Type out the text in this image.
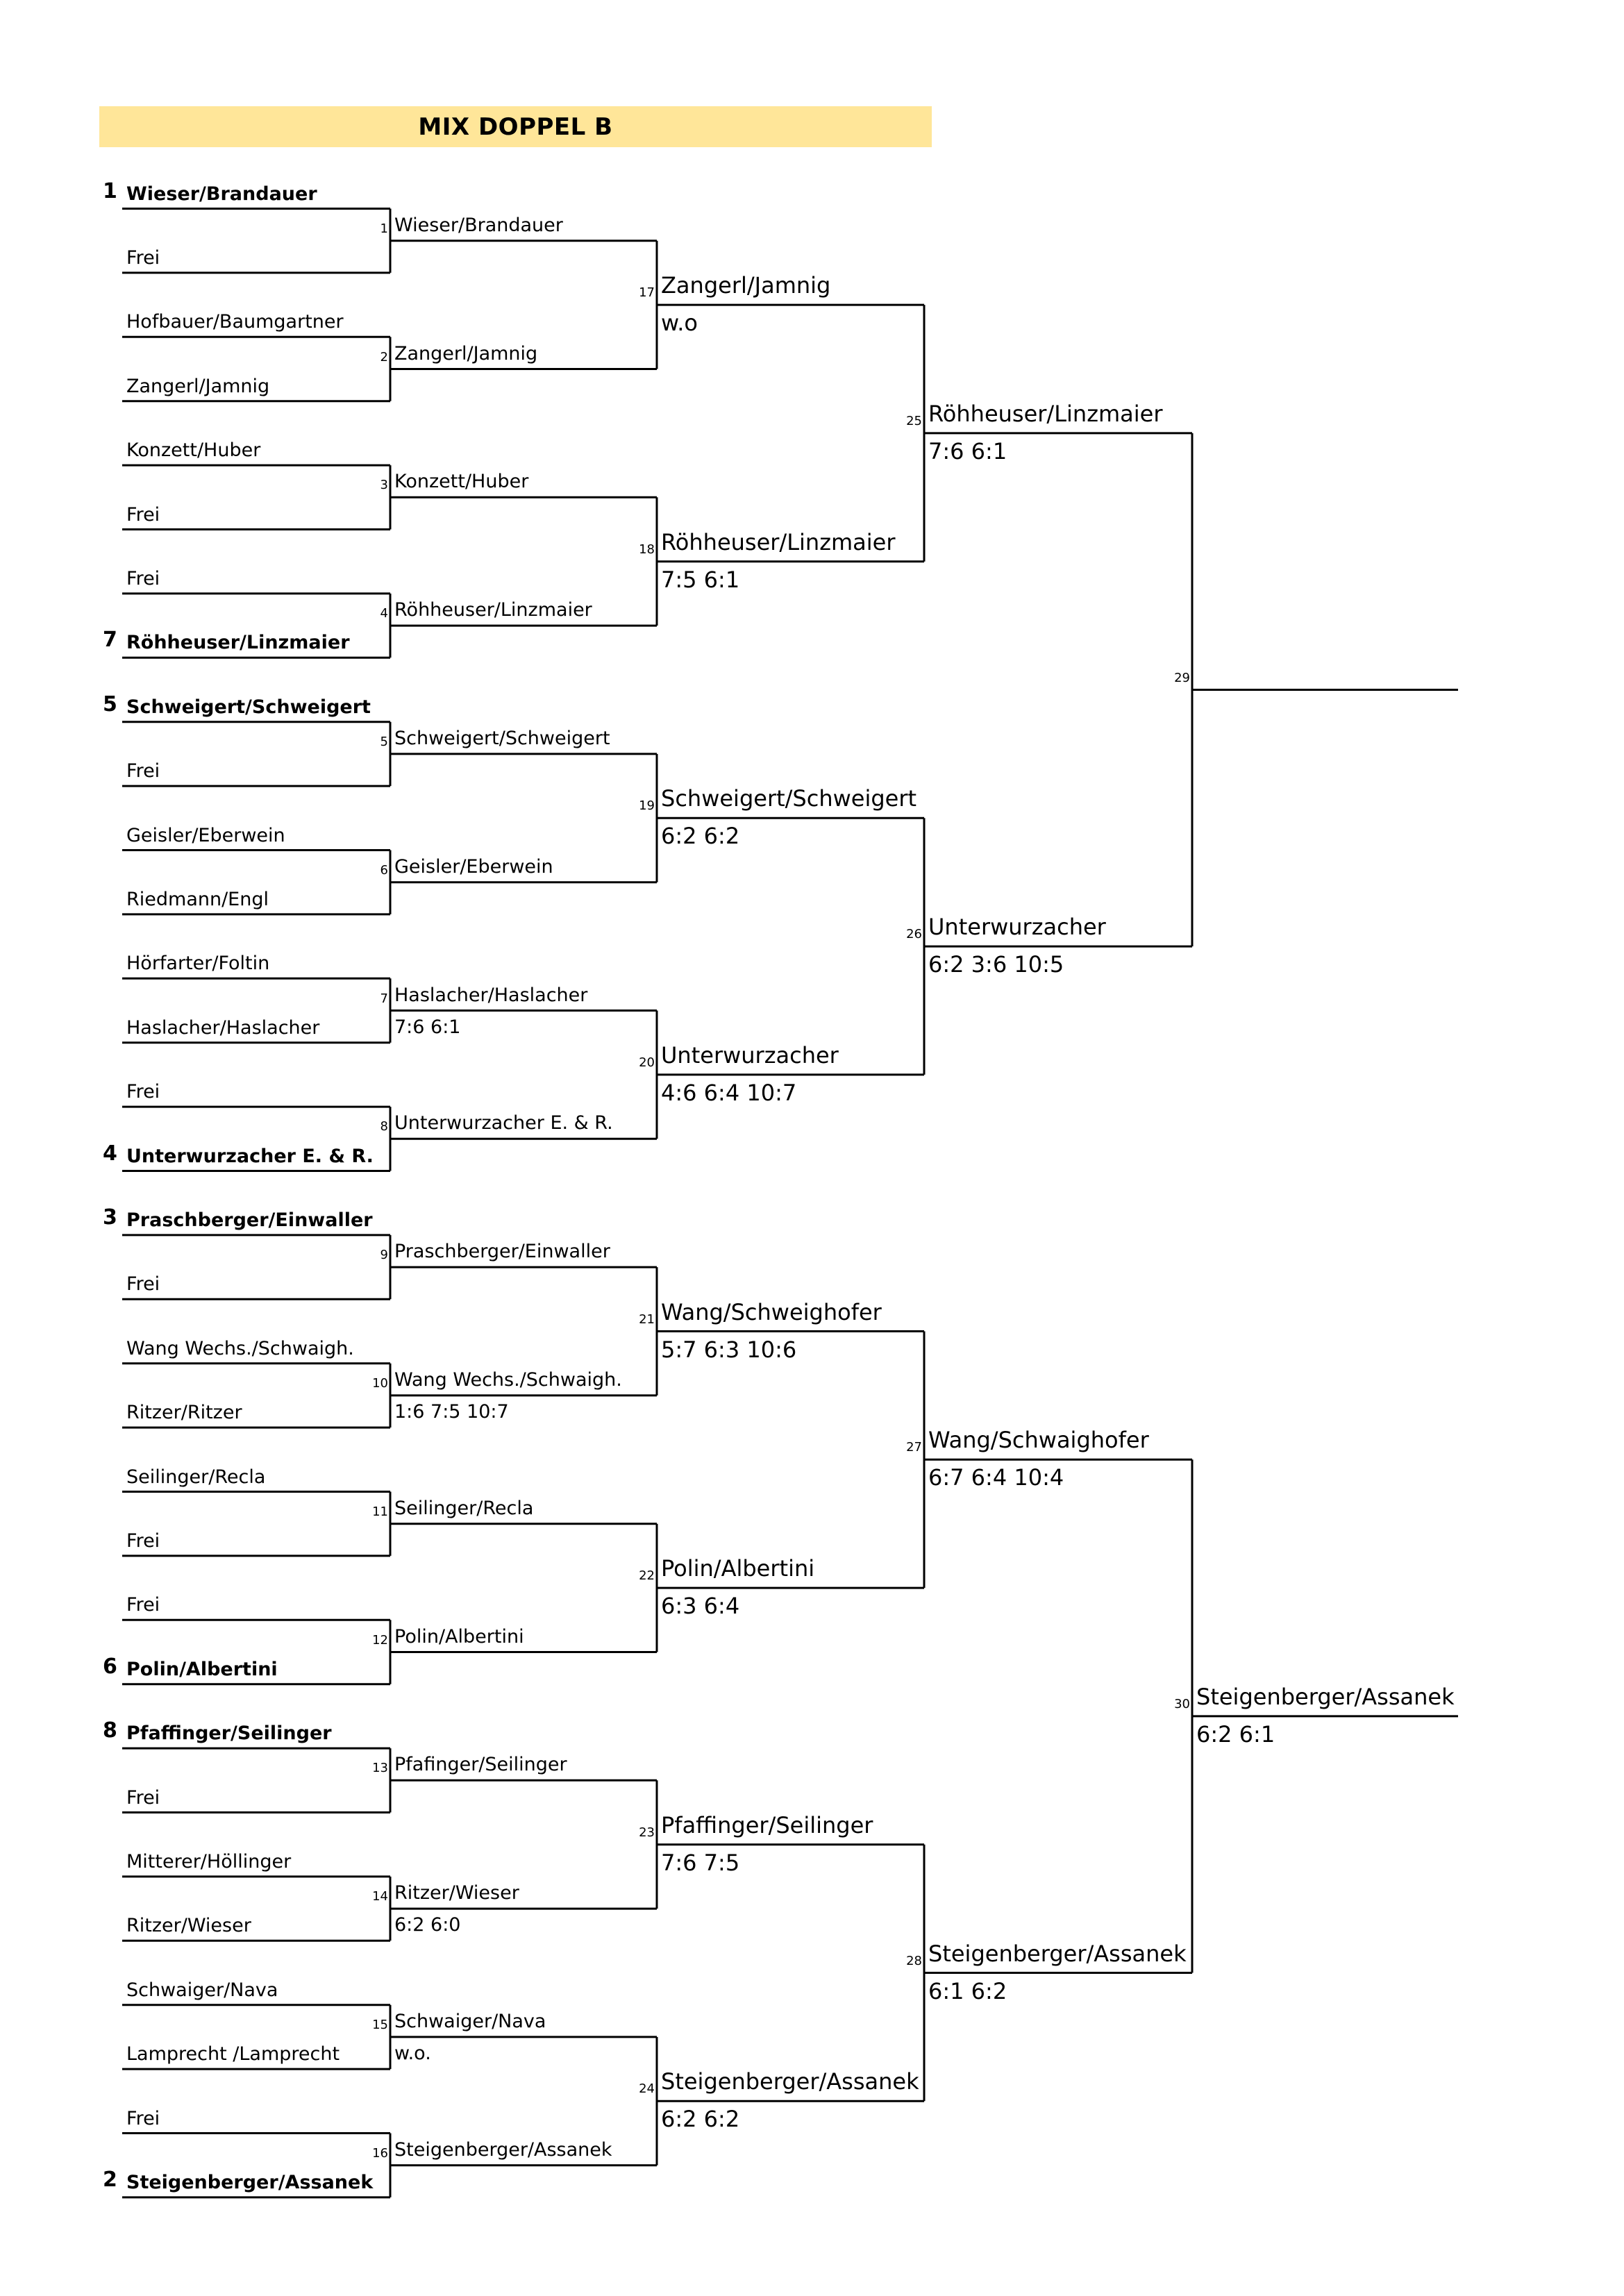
MIX DOPPEL B
Wieser/Brandauer
1
Frei
Hofbauer/Baumgartner
Zangerl/Jamnig
Konzett/Huber
Frei
Frei
Röhheuser/Linzmaier
7
Schweigert/Schweigert
5
Frei
Geisler/Eberwein
Riedmann/Engl
Hörfarter/Foltin
Haslacher/Haslacher
Frei
Unterwurzacher E. & R.
4
Praschberger/Einwaller
3
Frei
Wang Wechs./Schwaigh.
Ritzer/Ritzer
Seilinger/Recla
Frei
Frei
Polin/Albertini
6
Pfaffinger/Seilinger
8
Frei
Mitterer/Höllinger
Ritzer/Wieser
Schwaiger/Nava
Lamprecht /Lamprecht
Frei
Steigenberger/Assanek
2
1 Wieser/Brandauer
2 Zangerl/Jamnig
3 Konzett/Huber
4 Röhheuser/Linzmaier
5 Schweigert/Schweigert
6 Geisler/Eberwein
7 Haslacher/Haslacher
7:6 6:1
8 Unterwurzacher E. & R.
9 Praschberger/Einwaller
10 Wang Wechs./Schwaigh.
1:6 7:5 10:7
11 Seilinger/Recla
12 Polin/Albertini
13 Pfafinger/Seilinger
14 Ritzer/Wieser
6:2 6:0
15 Schwaiger/Nava
w.o.
16 Steigenberger/Assanek
17 Zangerl/Jamnig
w.o
18 Röhheuser/Linzmaier
7:5 6:1
19 Schweigert/Schweigert
6:2 6:2
20 Unterwurzacher
4:6 6:4 10:7
21 Wang/Schweighofer
5:7 6:3 10:6
22 Polin/Albertini
6:3 6:4
23 Pfaffinger/Seilinger
7:6 7:5
24 Steigenberger/Assanek
6:2 6:2
25 Röhheuser/Linzmaier
7:6 6:1
26 Unterwurzacher
6:2 3:6 10:5
27 Wang/Schwaighofer
6:7 6:4 10:4
28 Steigenberger/Assanek
6:1 6:2
29
30 Steigenberger/Assanek
6:2 6:1
